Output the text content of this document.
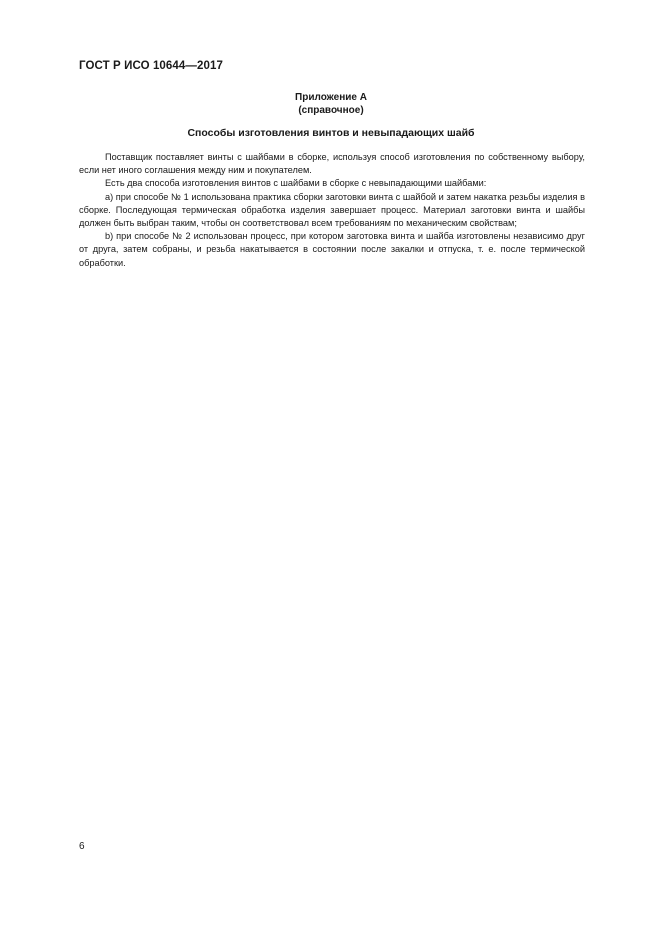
ГОСТ Р ИСО 10644—2017
Приложение А
(справочное)
Способы изготовления винтов и невыпадающих шайб

Поставщик поставляет винты с шайбами в сборке, используя способ изготовления по собственному выбору, если нет иного соглашения между ним и покупателем.

Есть два способа изготовления винтов с шайбами в сборке с невыпадающими шайбами:

a) при способе № 1 использована практика сборки заготовки винта с шайбой и затем накатка резьбы изделия в сборке. Последующая термическая обработка изделия завершает процесс. Материал заготовки винта и шайбы должен быть выбран таким, чтобы он соответствовал всем требованиям по механическим свойствам;

b) при способе № 2 использован процесс, при котором заготовка винта и шайба изготовлены независимо друг от друга, затем собраны, и резьба накатывается в состоянии после закалки и отпуска, т. е. после термической обработки.

6
